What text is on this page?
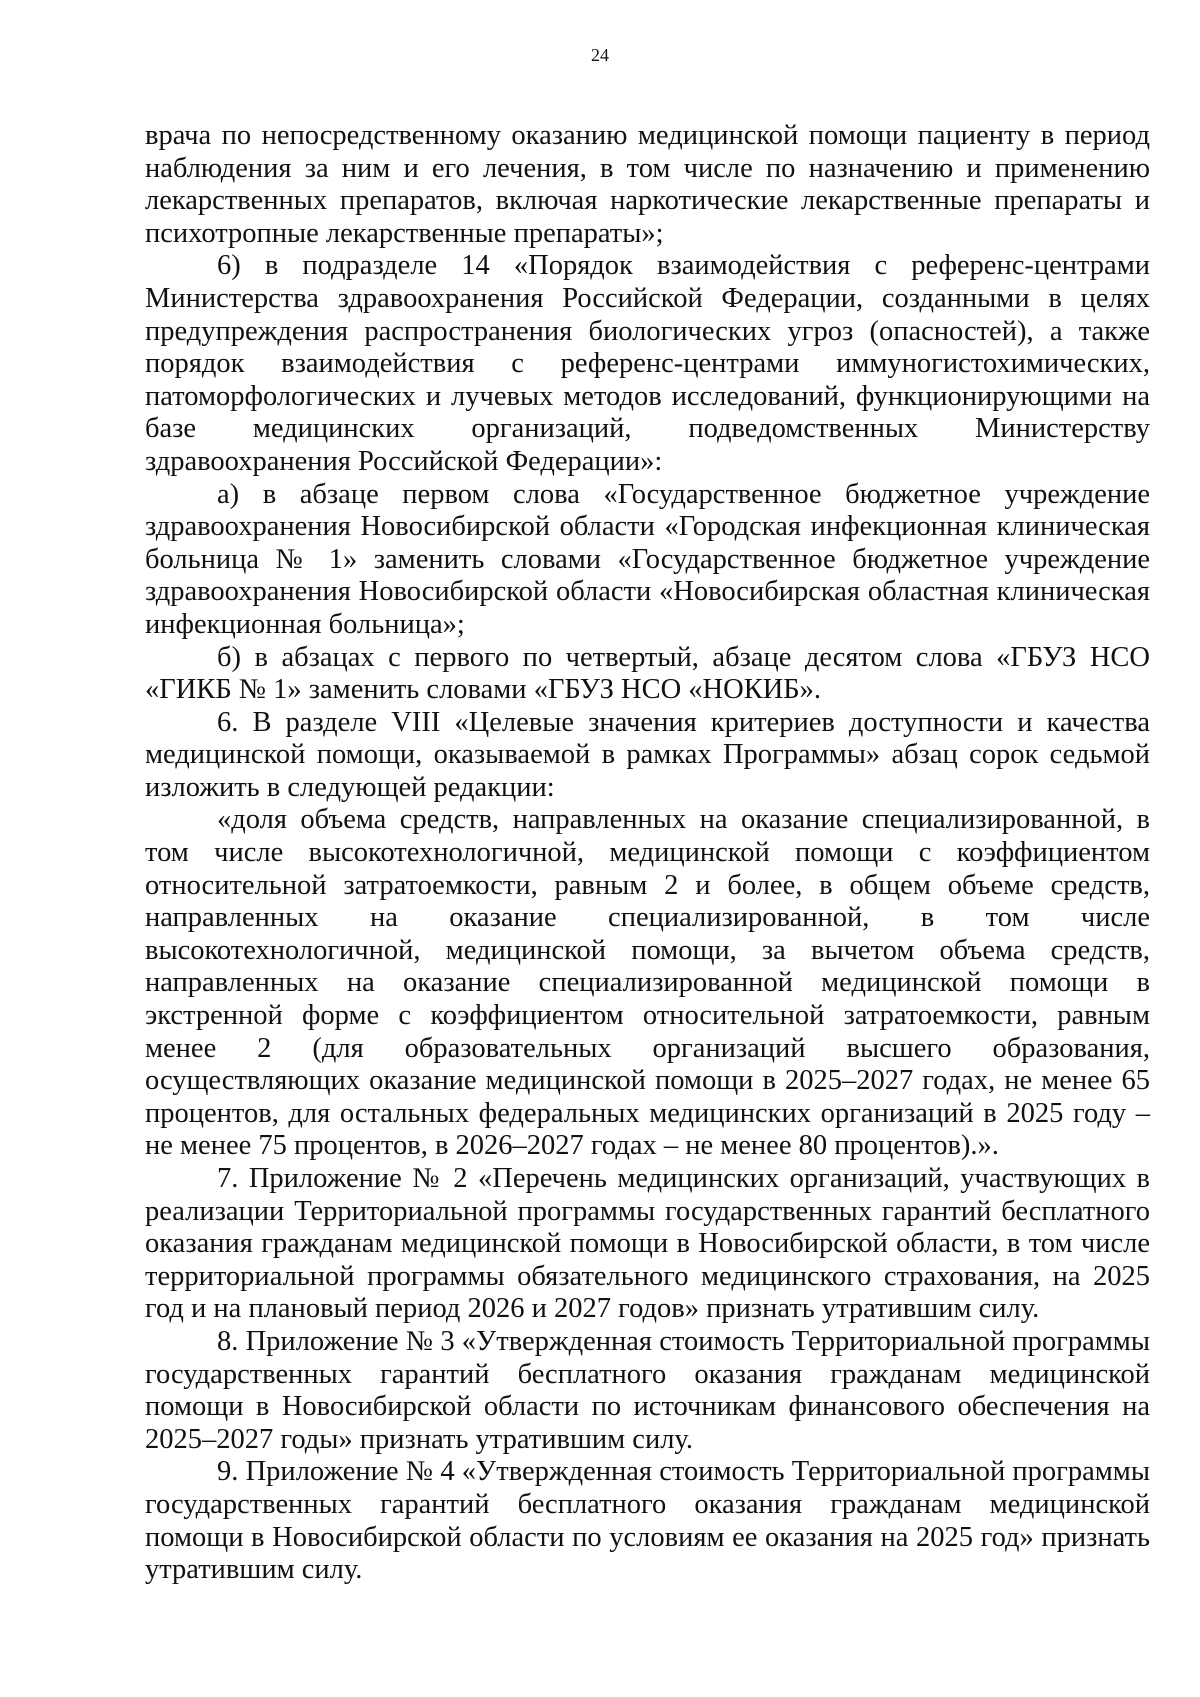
24

врача по непосредственному оказанию медицинской помощи пациенту в период наблюдения за ним и его лечения, в том числе по назначению и применению лекарственных препаратов, включая наркотические лекарственные препараты и психотропные лекарственные препараты»;

6) в подразделе 14 «Порядок взаимодействия с референс-центрами Министерства здравоохранения Российской Федерации, созданными в целях предупреждения распространения биологических угроз (опасностей), а также порядок взаимодействия с референс-центрами иммуногистохимических, патоморфологических и лучевых методов исследований, функционирующими на базе медицинских организаций, подведомственных Министерству здравоохранения Российской Федерации»:

а) в абзаце первом слова «Государственное бюджетное учреждение здравоохранения Новосибирской области «Городская инфекционная клиническая больница № 1» заменить словами «Государственное бюджетное учреждение здравоохранения Новосибирской области «Новосибирская областная клиническая инфекционная больница»;

б) в абзацах с первого по четвертый, абзаце десятом слова «ГБУЗ НСО «ГИКБ № 1» заменить словами «ГБУЗ НСО «НОКИБ».

6. В разделе VIII «Целевые значения критериев доступности и качества медицинской помощи, оказываемой в рамках Программы» абзац сорок седьмой изложить в следующей редакции:

«доля объема средств, направленных на оказание специализированной, в том числе высокотехнологичной, медицинской помощи с коэффициентом относительной затратоемкости, равным 2 и более, в общем объеме средств, направленных на оказание специализированной, в том числе высокотехнологичной, медицинской помощи, за вычетом объема средств, направленных на оказание специализированной медицинской помощи в экстренной форме с коэффициентом относительной затратоемкости, равным менее 2 (для образовательных организаций высшего образования, осуществляющих оказание медицинской помощи в 2025–2027 годах, не менее 65 процентов, для остальных федеральных медицинских организаций в 2025 году – не менее 75 процентов, в 2026–2027 годах – не менее 80 процентов).».

7. Приложение № 2 «Перечень медицинских организаций, участвующих в реализации Территориальной программы государственных гарантий бесплатного оказания гражданам медицинской помощи в Новосибирской области, в том числе территориальной программы обязательного медицинского страхования, на 2025 год и на плановый период 2026 и 2027 годов» признать утратившим силу.

8. Приложение № 3 «Утвержденная стоимость Территориальной программы государственных гарантий бесплатного оказания гражданам медицинской помощи в Новосибирской области по источникам финансового обеспечения на 2025–2027 годы» признать утратившим силу.

9. Приложение № 4 «Утвержденная стоимость Территориальной программы государственных гарантий бесплатного оказания гражданам медицинской помощи в Новосибирской области по условиям ее оказания на 2025 год» признать утратившим силу.
